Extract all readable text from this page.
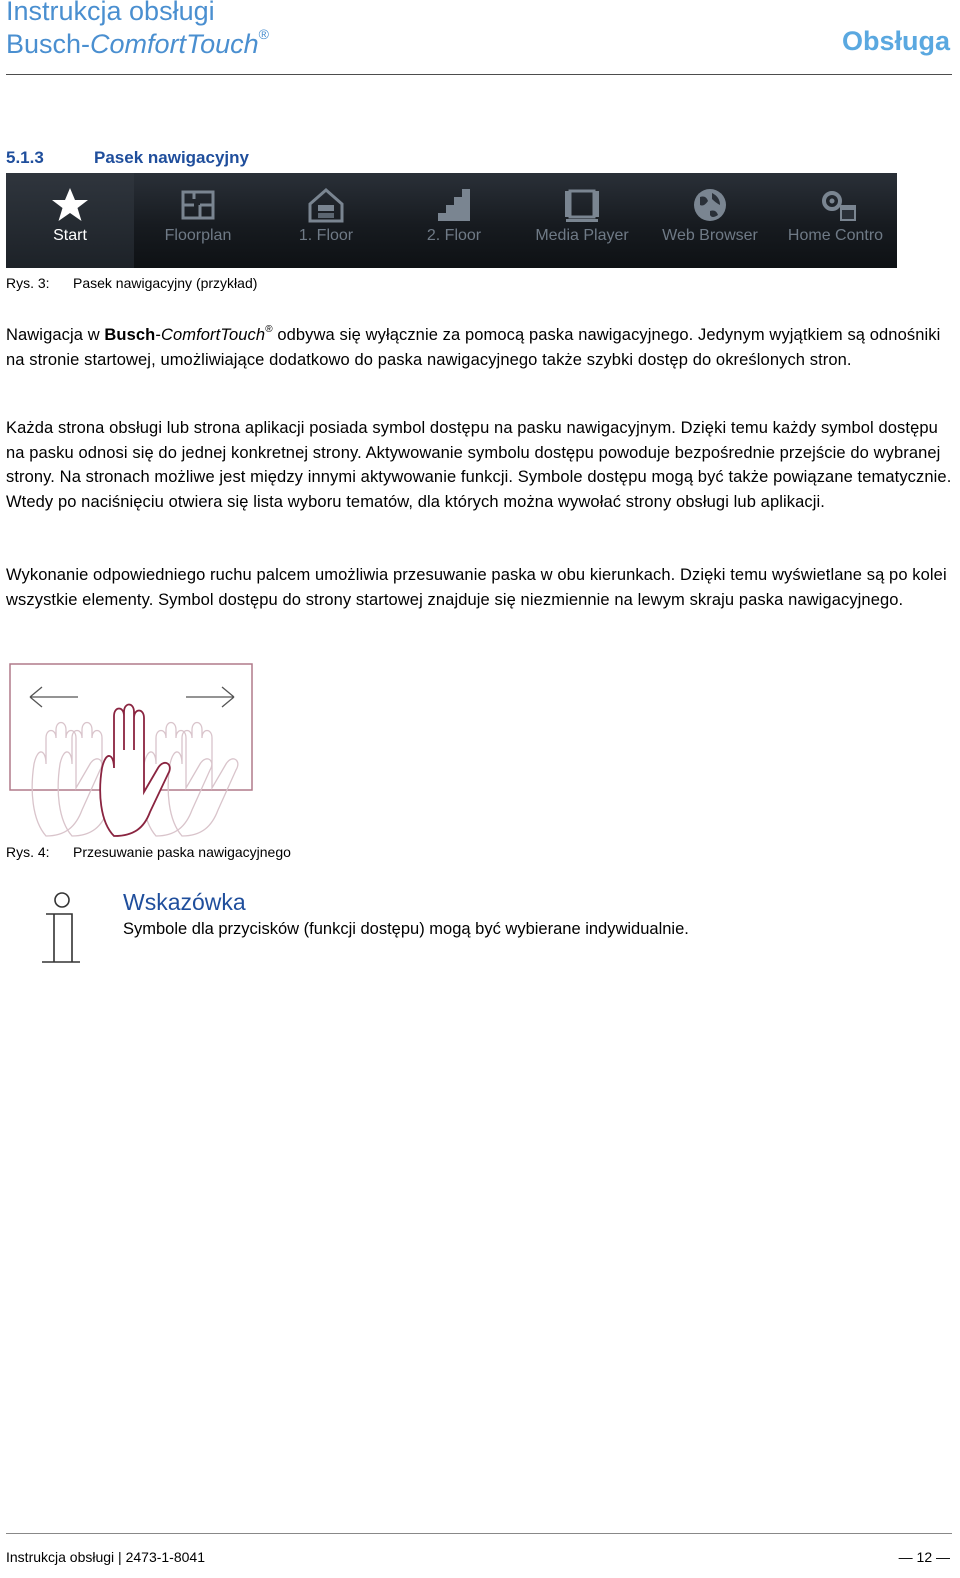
Instrukcja obsługi
Busch-ComfortTouch®	Obsługa
5.1.3	Pasek nawigacyjny
Start	Floorplan	1. Floor	2. Floor	Media Player	Web Browser	Home Contro
Rys. 3: Pasek nawigacyjny (przykład)
Nawigacja w Busch-ComfortTouch® odbywa się wyłącznie za pomocą paska nawigacyjnego. Jedynym wyjątkiem są odnośniki na stronie startowej, umożliwiające dodatkowo do paska nawigacyjnego także szybki dostęp do określonych stron.
Każda strona obsługi lub strona aplikacji posiada symbol dostępu na pasku nawigacyjnym. Dzięki temu każdy symbol dostępu na pasku odnosi się do jednej konkretnej strony. Aktywowanie symbolu dostępu powoduje bezpośrednie przejście do wybranej strony. Na stronach możliwe jest między innymi aktywowanie funkcji. Symbole dostępu mogą być także powiązane tematycznie. Wtedy po naciśnięciu otwiera się lista wyboru tematów, dla których można wywołać strony obsługi lub aplikacji.
Wykonanie odpowiedniego ruchu palcem umożliwia przesuwanie paska w obu kierunkach. Dzięki temu wyświetlane są po kolei wszystkie elementy. Symbol dostępu do strony startowej znajduje się niezmiennie na lewym skraju paska nawigacyjnego.
Rys. 4: Przesuwanie paska nawigacyjnego
Wskazówka
Symbole dla przycisków (funkcji dostępu) mogą być wybierane indywidualnie.
Instrukcja obsługi | 2473-1-8041	— 12 —
